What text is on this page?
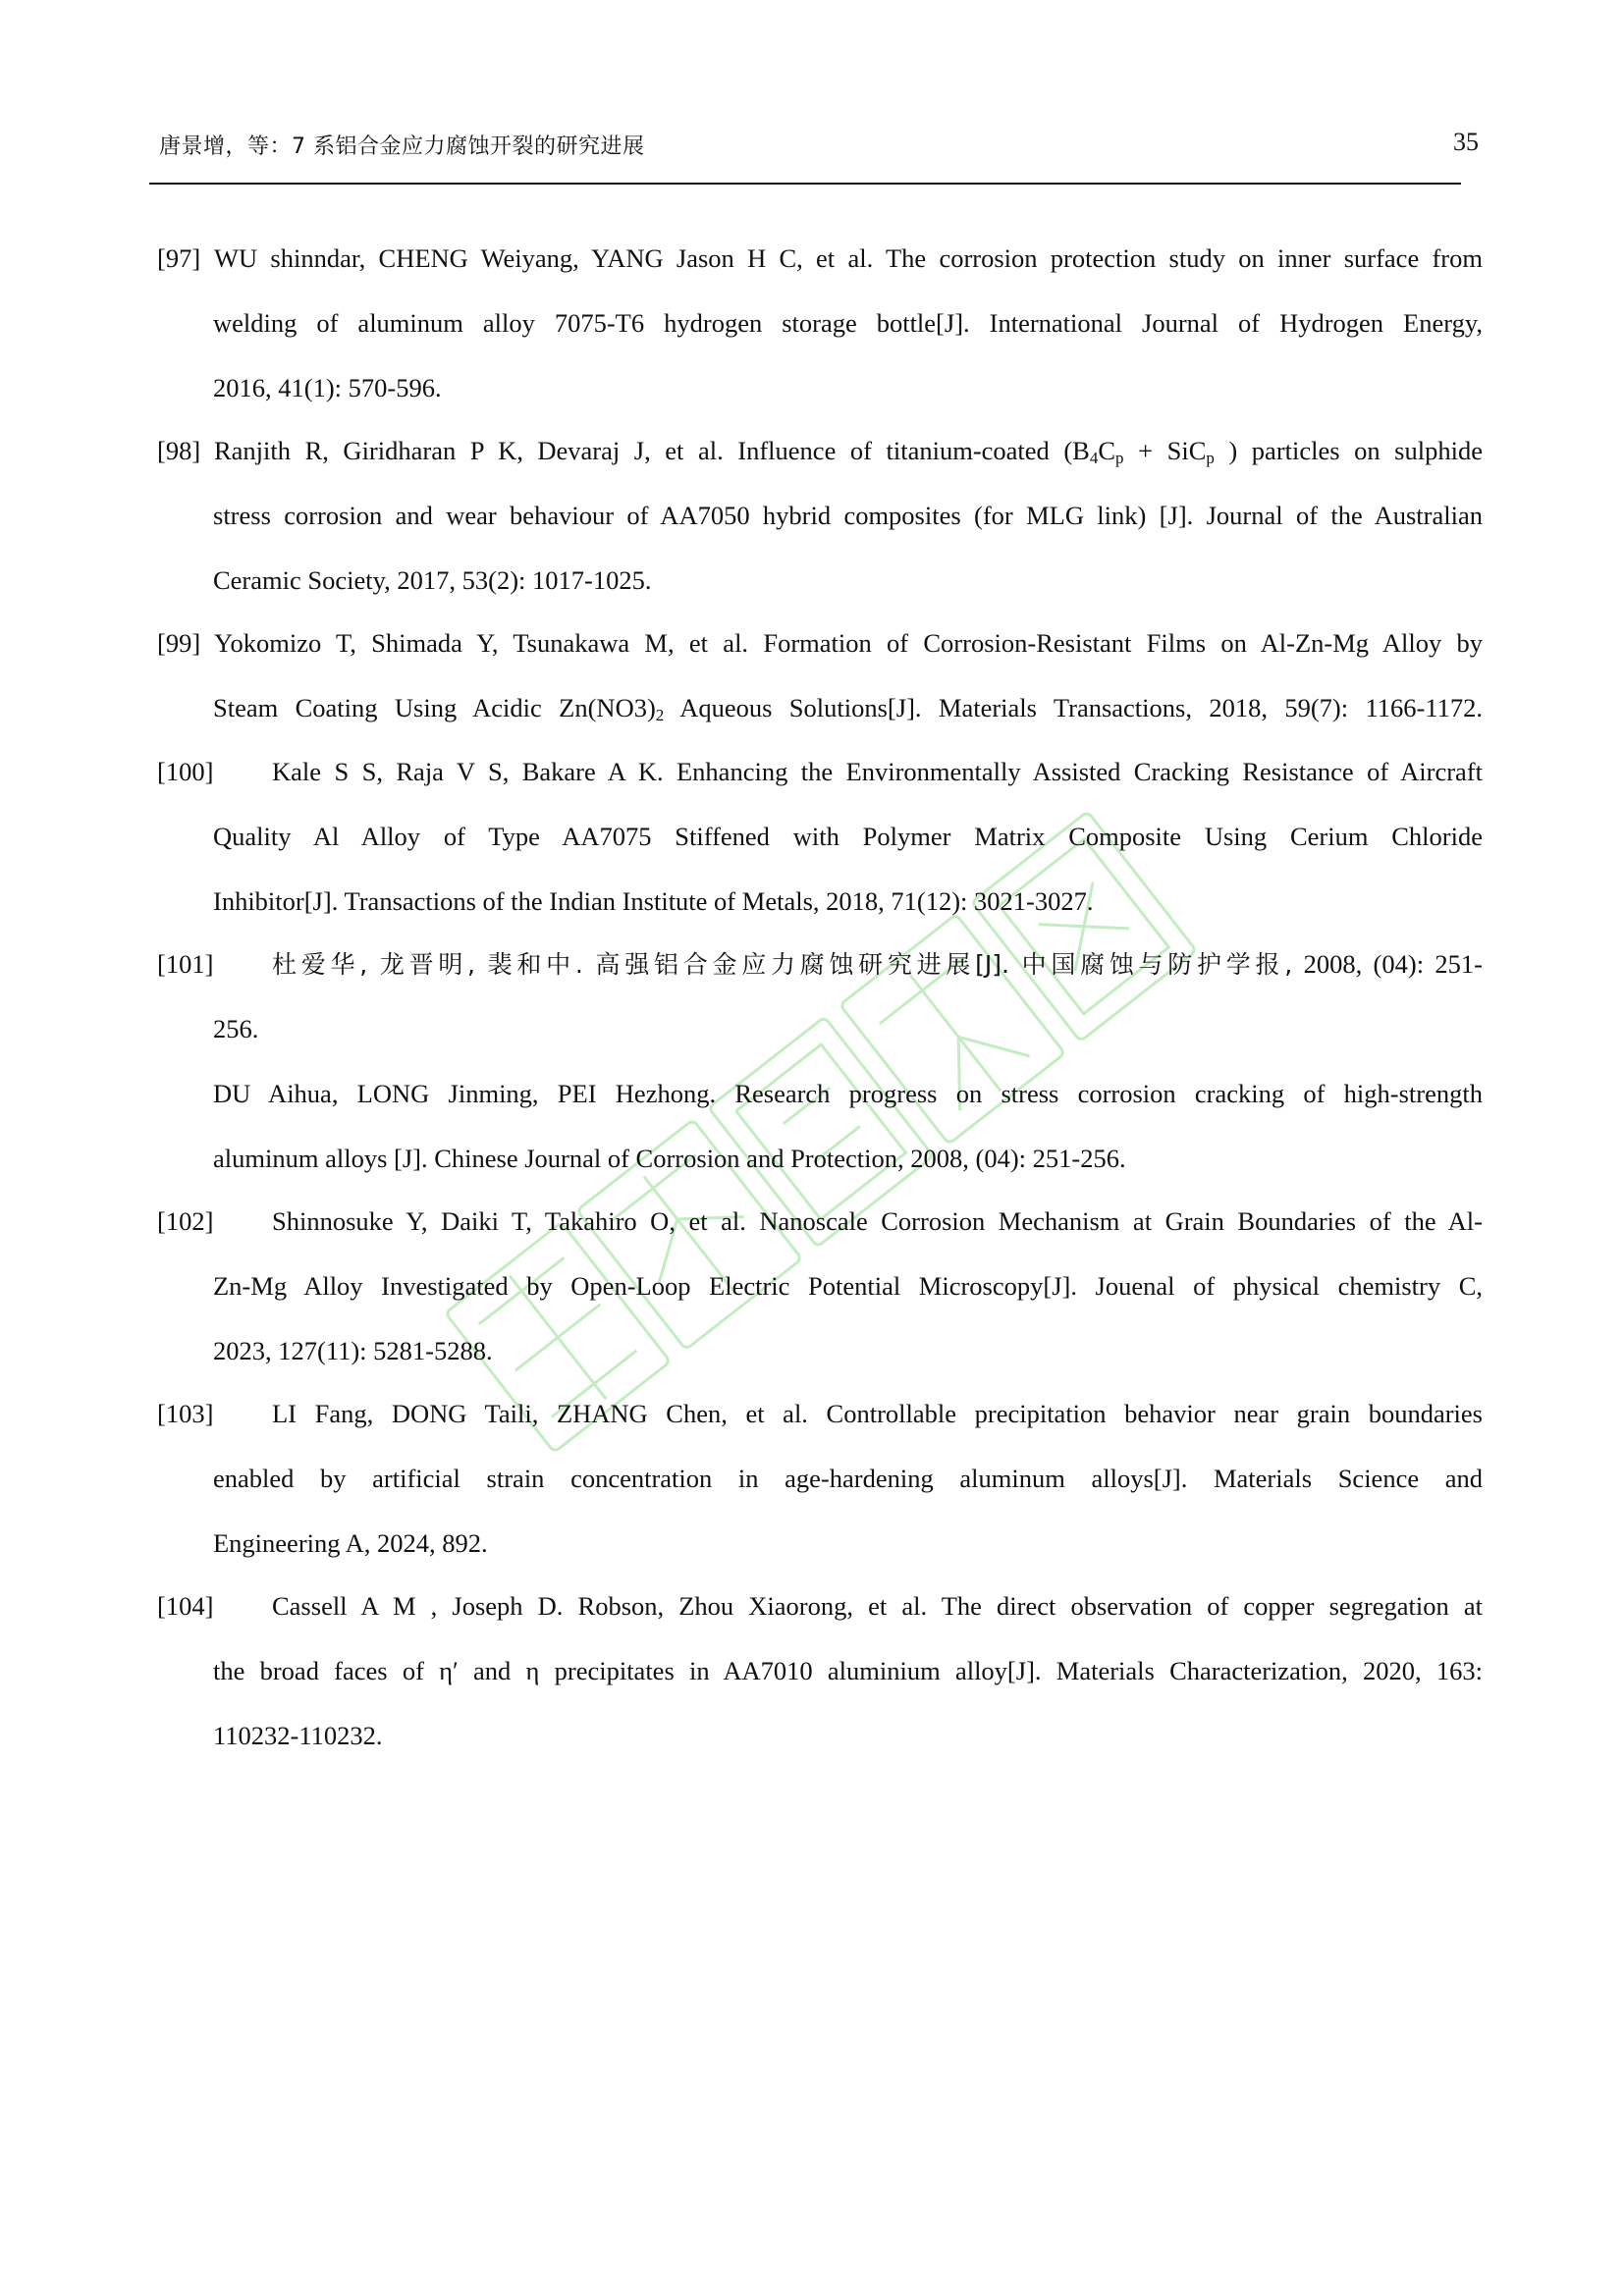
唐景增，等：7 系铝合金应力腐蚀开裂的研究进展	35
[97] WU shinndar, CHENG Weiyang, YANG Jason H C, et al. The corrosion protection study on inner surface from
welding of aluminum alloy 7075-T6 hydrogen storage bottle[J]. International Journal of Hydrogen Energy,
2016, 41(1): 570-596.
[98] Ranjith R, Giridharan P K, Devaraj J, et al. Influence of titanium-coated ($B_4C_p + SiC_p$ ) particles on sulphide
stress corrosion and wear behaviour of AA7050 hybrid composites (for MLG link) [J]. Journal of the Australian
Ceramic Society, 2017, 53(2): 1017-1025.
[99] Yokomizo T, Shimada Y, Tsunakawa M, et al. Formation of Corrosion-Resistant Films on Al-Zn-Mg Alloy by
Steam Coating Using Acidic $Zn(NO3)_2$ Aqueous Solutions[J]. Materials Transactions, 2018, 59(7): 1166-1172.
[100]	Kale S S, Raja V S, Bakare A K. Enhancing the Environmentally Assisted Cracking Resistance of Aircraft
Quality Al Alloy of Type AA7075 Stiffened with Polymer Matrix Composite Using Cerium Chloride
Inhibitor[J]. Transactions of the Indian Institute of Metals, 2018, 71(12): 3021-3027.
[101]	杜爱华, 龙晋明, 裴和中. 高强铝合金应力腐蚀研究进展[J]. 中国腐蚀与防护学报, 2008, (04): 251-
256.
DU Aihua, LONG Jinming, PEI Hezhong. Research progress on stress corrosion cracking of high-strength
aluminum alloys [J]. Chinese Journal of Corrosion and Protection, 2008, (04): 251-256.
[102]	Shinnosuke Y, Daiki T, Takahiro O, et al. Nanoscale Corrosion Mechanism at Grain Boundaries of the Al-
Zn-Mg Alloy Investigated by Open-Loop Electric Potential Microscopy[J]. Jouenal of physical chemistry C,
2023, 127(11): 5281-5288.
[103]	LI Fang, DONG Taili, ZHANG Chen, et al. Controllable precipitation behavior near grain boundaries
enabled by artificial strain concentration in age-hardening aluminum alloys[J]. Materials Science and
Engineering A, 2024, 892.
[104]	Cassell A M , Joseph D. Robson, Zhou Xiaorong, et al. The direct observation of copper segregation at
the broad faces of η′ and η precipitates in AA7010 aluminium alloy[J]. Materials Characterization, 2020, 163:
110232-110232.
